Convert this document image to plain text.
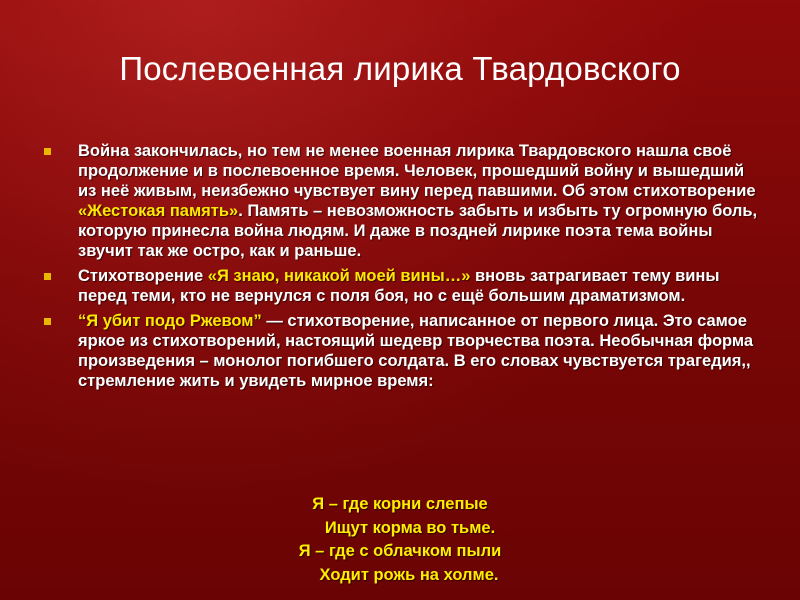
Послевоенная лирика Твардовского
Война закончилась, но тем не менее военная лирика Твардовского нашла своё продолжение и в послевоенное время. Человек, прошедший войну и вышедший из неё живым, неизбежно чувствует вину перед павшими. Об этом стихотворение «Жестокая память». Память – невозможность забыть и избыть ту огромную боль, которую принесла война людям. И даже в поздней лирике поэта тема войны звучит так же остро, как и раньше.
Стихотворение «Я знаю, никакой моей вины…» вновь затрагивает тему вины перед теми, кто не вернулся с поля боя, но с ещё большим драматизмом.
“Я убит подо Ржевом” — стихотворение, написанное от первого лица. Это самое яркое из стихотворений, настоящий шедевр творчества поэта. Необычная форма произведения – монолог погибшего солдата. В его словах чувствуется трагедия,, стремление жить и увидеть мирное время:
Я – где корни слепые
Ищут корма во тьме.
Я – где с облачком пыли
Ходит рожь на холме.
